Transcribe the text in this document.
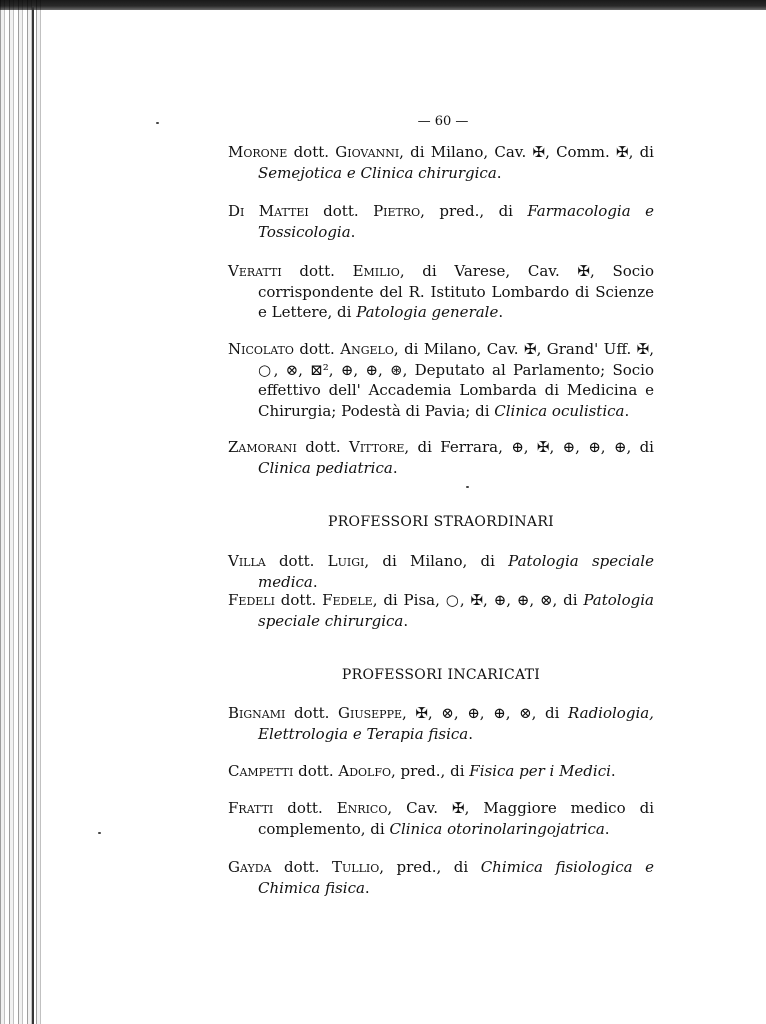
— 60 —

Morone dott. Giovanni, di Milano, Cav. ✠, Comm. ✠, di Semejotica e Clinica chirurgica.

Di Mattei dott. Pietro, pred., di Farmacologia e Tossicologia.

Veratti dott. Emilio, di Varese, Cav. ✠, Socio corrispondente del R. Istituto Lombardo di Scienze e Lettere, di Patologia generale.

Nicolato dott. Angelo, di Milano, Cav. ✠, Grand' Uff. ✠, ○, ⊗, ⊠², ⊕, ⊕, ⊛, Deputato al Parlamento; Socio effettivo dell' Accademia Lombarda di Medicina e Chirurgia; Podestà di Pavia; di Clinica oculistica.

Zamorani dott. Vittore, di Ferrara, ⊕, ✠, ⊕, ⊕, ⊕, di Clinica pediatrica.

PROFESSORI STRAORDINARI

Villa dott. Luigi, di Milano, di Patologia speciale medica.

Fedeli dott. Fedele, di Pisa, ○, ✠, ⊕, ⊕, ⊗, di Patologia speciale chirurgica.

PROFESSORI INCARICATI

Bignami dott. Giuseppe, ✠, ⊗, ⊕, ⊕, ⊗, di Radiologia, Elettrologia e Terapia fisica.

Campetti dott. Adolfo, pred., di Fisica per i Medici.

Fratti dott. Enrico, Cav. ✠, Maggiore medico di complemento, di Clinica otorinolaringojatrica.

Gayda dott. Tullio, pred., di Chimica fisiologica e Chimica fisica.
